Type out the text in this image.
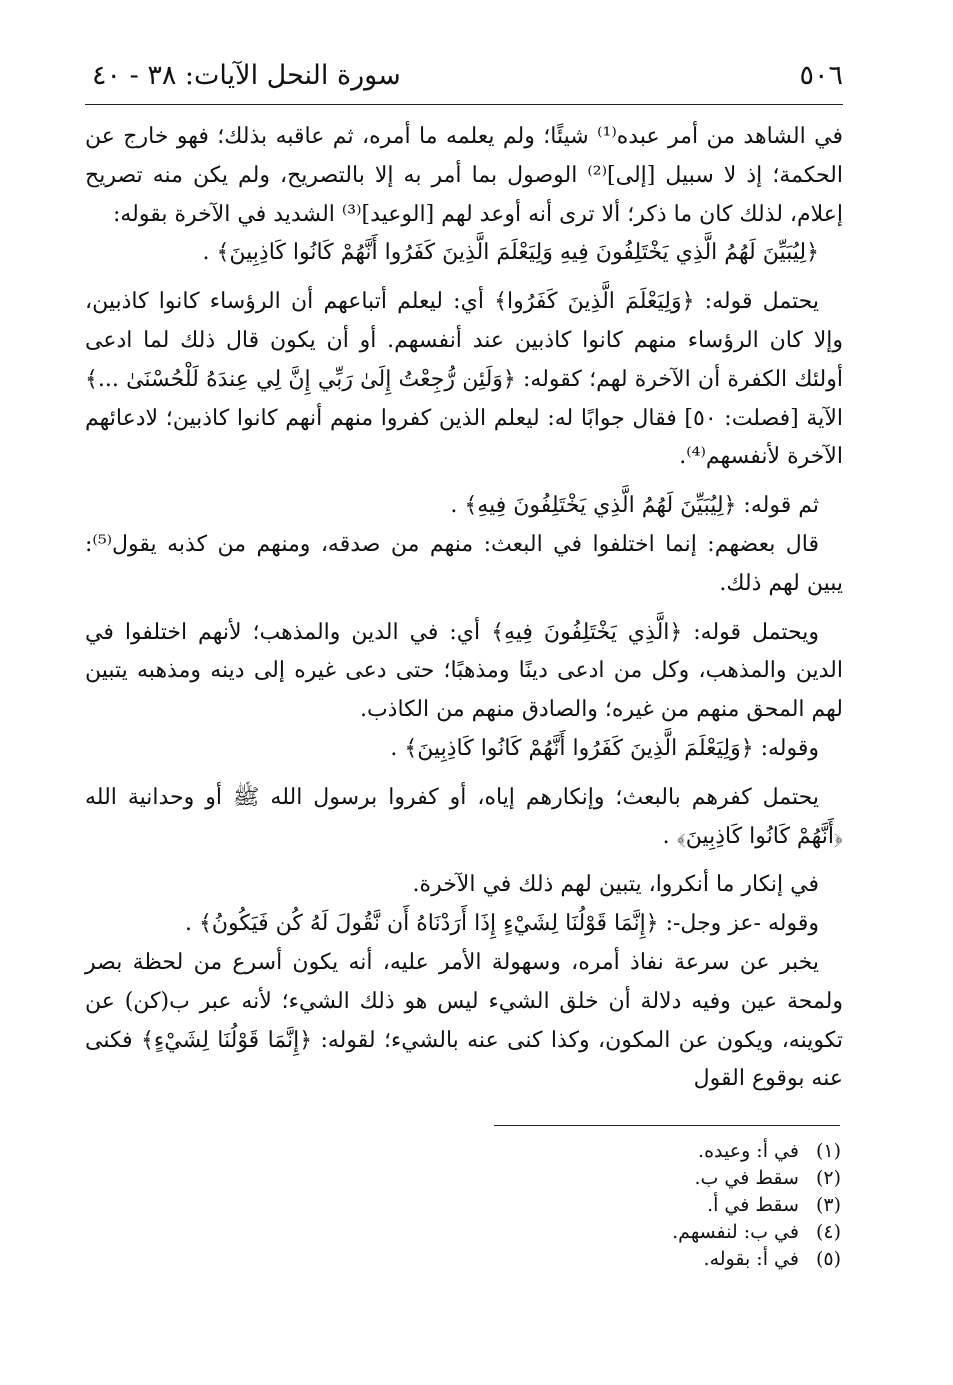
٥٠٦
سورة النحل الآيات: ٣٨ - ٤٠

في الشاهد من أمر عبده⁽¹⁾ شيئًا؛ ولم يعلمه ما أمره، ثم عاقبه بذلك؛ فهو خارج عن الحكمة؛ إذ لا سبيل [إلى]⁽²⁾ الوصول بما أمر به إلا بالتصريح، ولم يكن منه تصريح إعلام، لذلك كان ما ذكر؛ ألا ترى أنه أوعد لهم [الوعيد]⁽³⁾ الشديد في الآخرة بقوله:

﴿لِيُبَيِّنَ لَهُمُ الَّذِي يَخْتَلِفُونَ فِيهِ وَلِيَعْلَمَ الَّذِينَ كَفَرُوا أَنَّهُمْ كَانُوا كَاذِبِينَ﴾ .

يحتمل قوله: ﴿وَلِيَعْلَمَ الَّذِينَ كَفَرُوا﴾ أي: ليعلم أتباعهم أن الرؤساء كانوا كاذبين، وإلا كان الرؤساء منهم كانوا كاذبين عند أنفسهم. أو أن يكون قال ذلك لما ادعى أولئك الكفرة أن الآخرة لهم؛ كقوله: ﴿وَلَئِن رُّجِعْتُ إِلَىٰ رَبِّي إِنَّ لِي عِندَهُ لَلْحُسْنَىٰ ...﴾ الآية [فصلت: ٥٠] فقال جوابًا له: ليعلم الذين كفروا منهم أنهم كانوا كاذبين؛ لادعائهم الآخرة لأنفسهم⁽⁴⁾.

ثم قوله: ﴿لِيُبَيِّنَ لَهُمُ الَّذِي يَخْتَلِفُونَ فِيهِ﴾ .

قال بعضهم: إنما اختلفوا في البعث: منهم من صدقه، ومنهم من كذبه يقول⁽⁵⁾: يبين لهم ذلك.

ويحتمل قوله: ﴿الَّذِي يَخْتَلِفُونَ فِيهِ﴾ أي: في الدين والمذهب؛ لأنهم اختلفوا في الدين والمذهب، وكل من ادعى دينًا ومذهبًا؛ حتى دعى غيره إلى دينه ومذهبه يتبين لهم المحق منهم من غيره؛ والصادق منهم من الكاذب.

وقوله: ﴿وَلِيَعْلَمَ الَّذِينَ كَفَرُوا أَنَّهُمْ كَانُوا كَاذِبِينَ﴾ .

يحتمل كفرهم بالبعث؛ وإنكارهم إياه، أو كفروا برسول الله ﷺ أو وحدانية الله ﴿أَنَّهُمْ كَانُوا كَاذِبِينَ﴾ .

في إنكار ما أنكروا، يتبين لهم ذلك في الآخرة.

وقوله -عز وجل-: ﴿إِنَّمَا قَوْلُنَا لِشَيْءٍ إِذَا أَرَدْنَاهُ أَن نَّقُولَ لَهُ كُن فَيَكُونُ﴾ .

يخبر عن سرعة نفاذ أمره، وسهولة الأمر عليه، أنه يكون أسرع من لحظة بصر ولمحة عين وفيه دلالة أن خلق الشيء ليس هو ذلك الشيء؛ لأنه عبر ب(كن) عن تكوينه، ويكون عن المكون، وكذا كنى عنه بالشيء؛ لقوله: ﴿إِنَّمَا قَوْلُنَا لِشَيْءٍ﴾ فكنى عنه بوقوع القول

(١) في أ: وعيده.
(٢) سقط في ب.
(٣) سقط في أ.
(٤) في ب: لنفسهم.
(٥) في أ: بقوله.
